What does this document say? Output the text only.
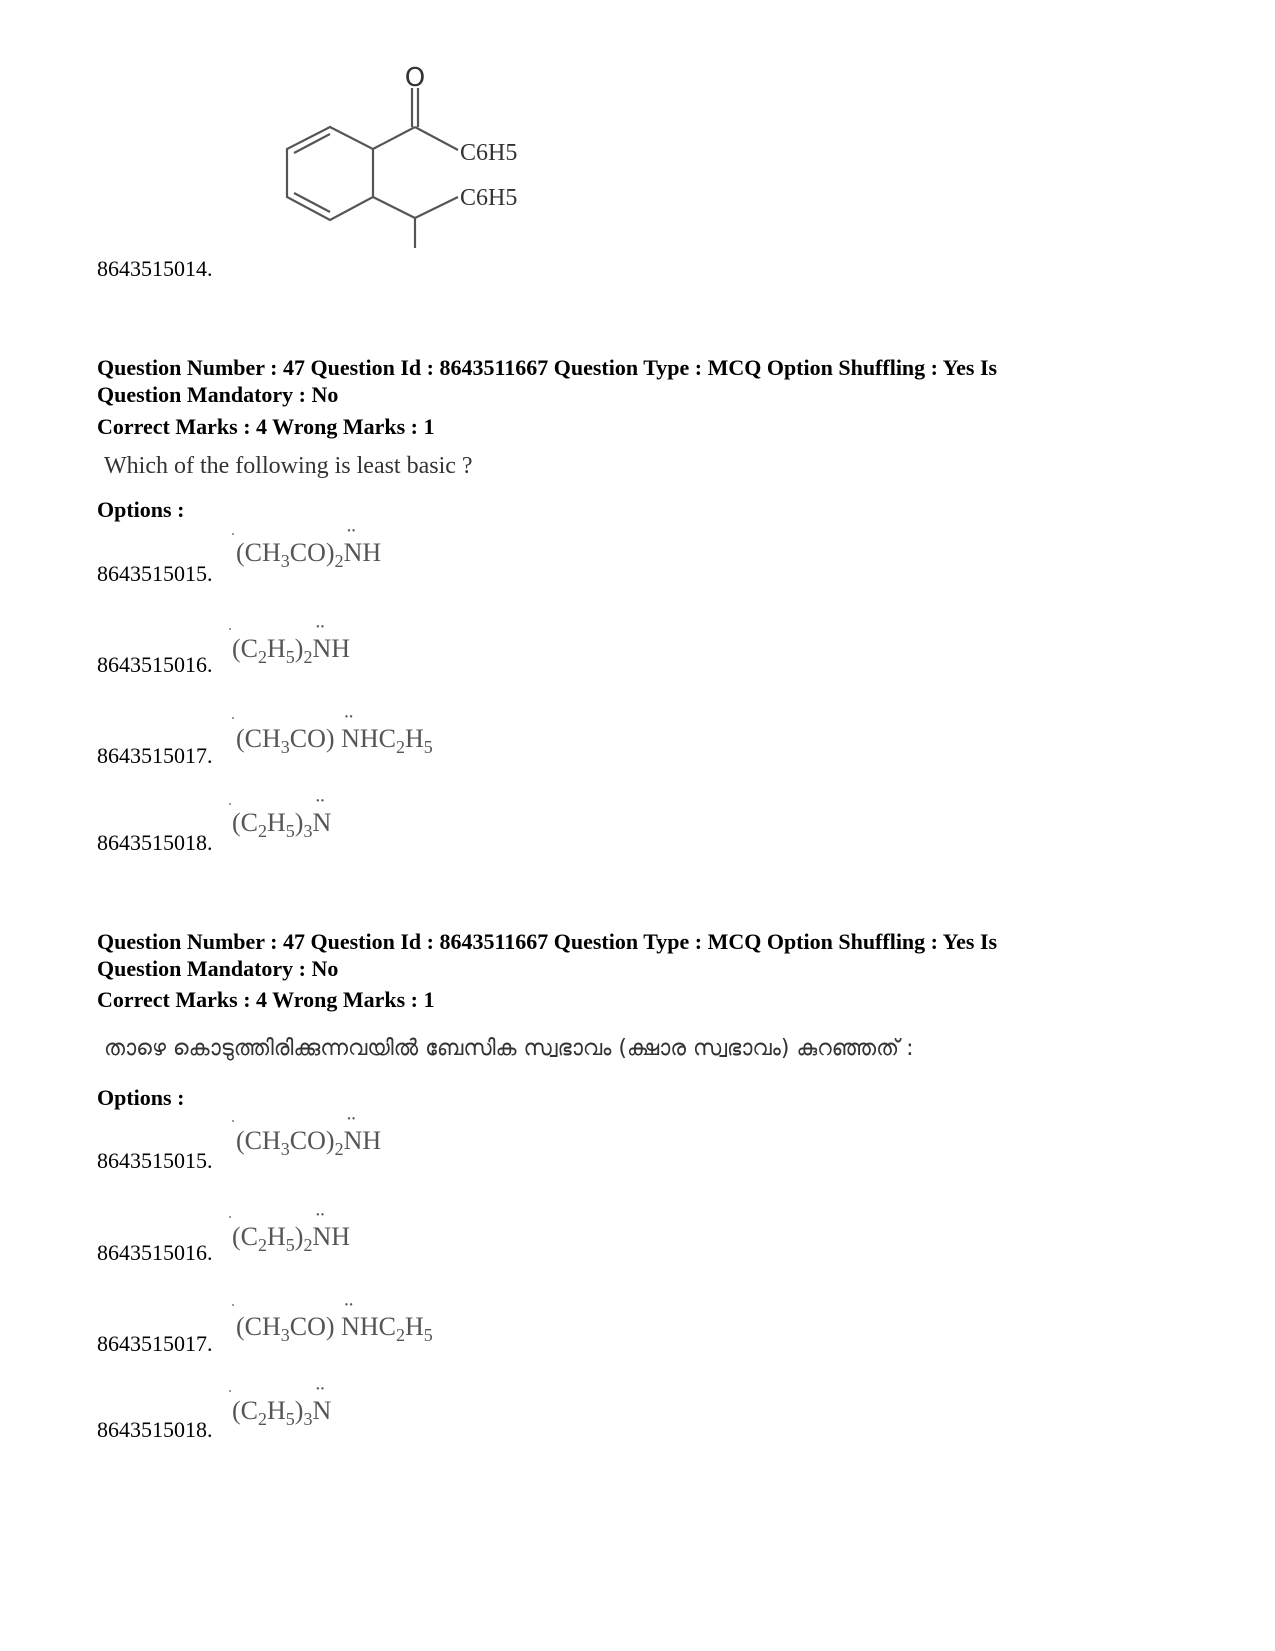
O
C6H5
C6H5
8643515014.
Question Number : 47 Question Id : 8643511667 Question Type : MCQ Option Shuffling : Yes Is
Question Mandatory : No
Correct Marks : 4 Wrong Marks : 1
Which of the following is least basic ?
Options :
8643515015.
$(CH_3CO)_2\cdot\cdot$ NH
8643515016.
$(C_2H_5)_2\cdot\cdot$ NH
8643515017.
$(CH_3CO) \cdot\cdot NHC_2H_5$
8643515018.
$(C_2H_5)_3\cdot\cdot N$
Question Number : 47 Question Id : 8643511667 Question Type : MCQ Option Shuffling : Yes Is
Question Mandatory : No
Correct Marks : 4 Wrong Marks : 1
താഴെ കൊടുത്തിരിക്കുന്നവയിൽ ബേസിക സ്വഭാവം (ക്ഷാര സ്വഭാവം) കുറഞ്ഞത് :
Options :
8643515015.
$(CH_3CO)_2\cdot\cdot$ NH
8643515016.
$(C_2H_5)_2\cdot\cdot$ NH
8643515017.
$(CH_3CO) \cdot\cdot NHC_2H_5$
8643515018.
$(C_2H_5)_3\cdot\cdot N$
